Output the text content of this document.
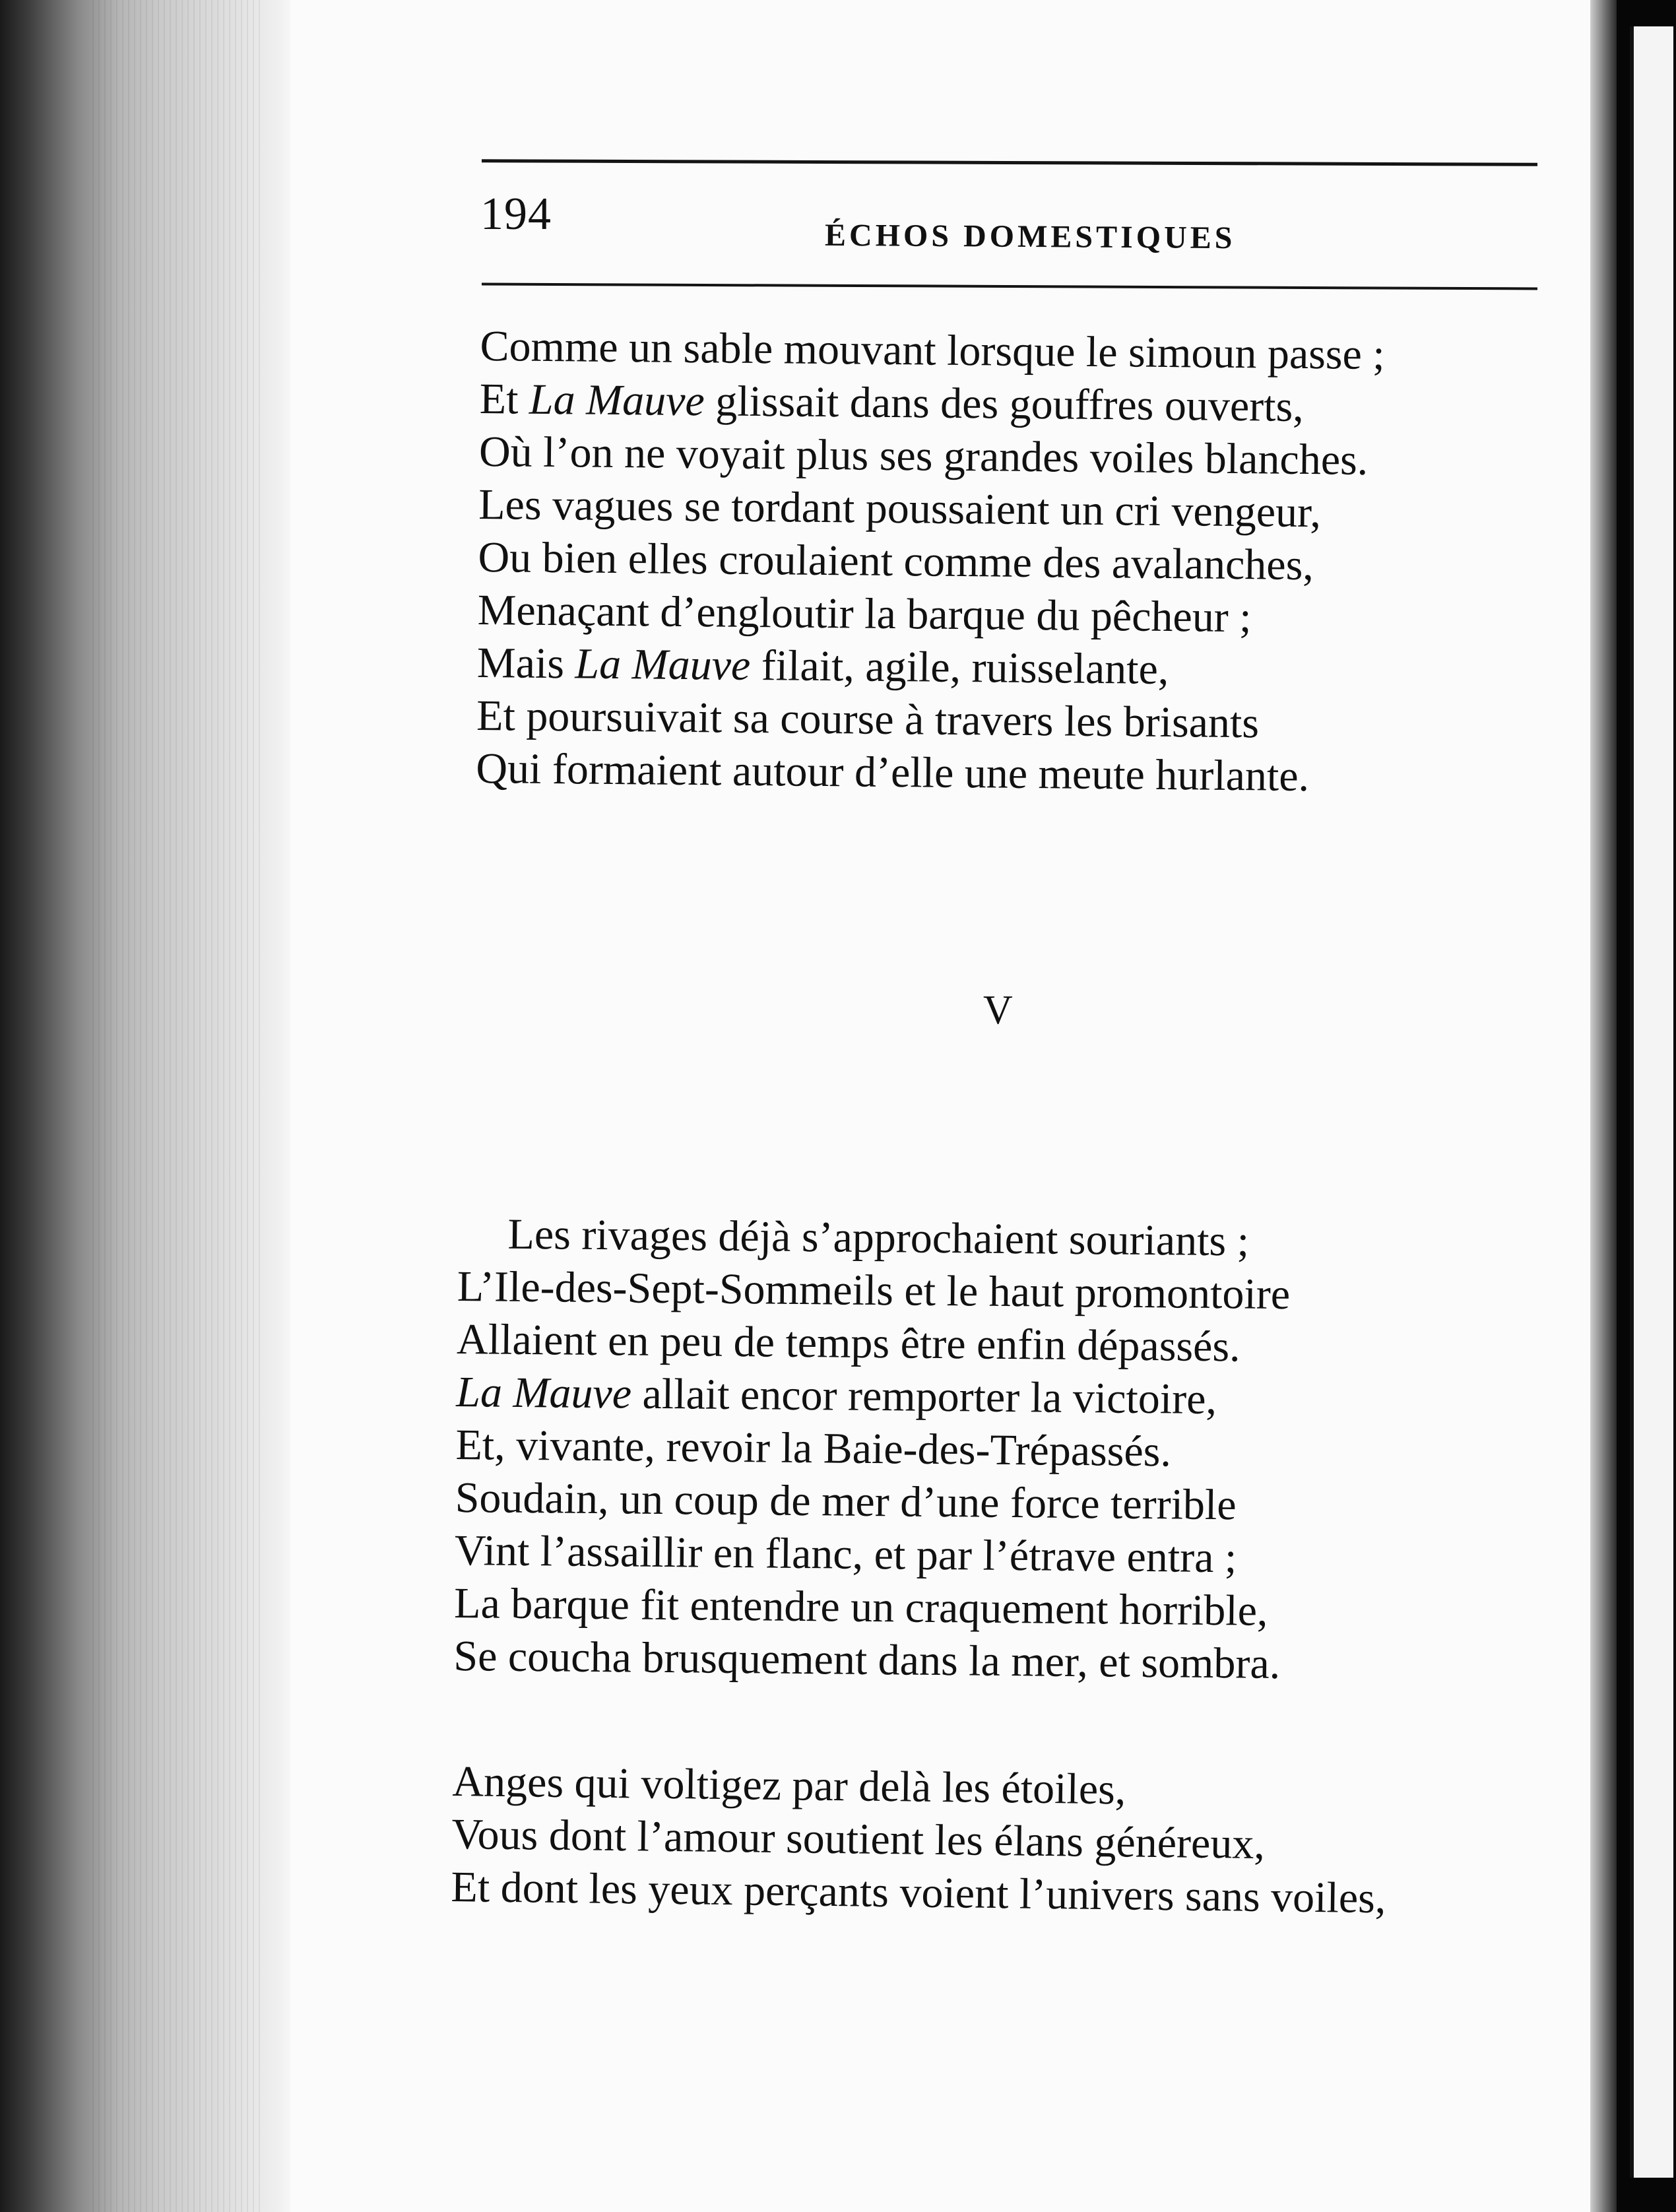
194	ÉCHOS DOMESTIQUES
Comme un sable mouvant lorsque le simoun passe ;
Et La Mauve glissait dans des gouffres ouverts,
Où l’on ne voyait plus ses grandes voiles blanches.
Les vagues se tordant poussaient un cri vengeur,
Ou bien elles croulaient comme des avalanches,
Menaçant d’engloutir la barque du pêcheur ;
Mais La Mauve filait, agile, ruisselante,
Et poursuivait sa course à travers les brisants
Qui formaient autour d’elle une meute hurlante.
V
Les rivages déjà s’approchaient souriants ;
L’Ile-des-Sept-Sommeils et le haut promontoire
Allaient en peu de temps être enfin dépassés.
La Mauve allait encor remporter la victoire,
Et, vivante, revoir la Baie-des-Trépassés.
Soudain, un coup de mer d’une force terrible
Vint l’assaillir en flanc, et par l’étrave entra ;
La barque fit entendre un craquement horrible,
Se coucha brusquement dans la mer, et sombra.
Anges qui voltigez par delà les étoiles,
Vous dont l’amour soutient les élans généreux,
Et dont les yeux perçants voient l’univers sans voiles,
